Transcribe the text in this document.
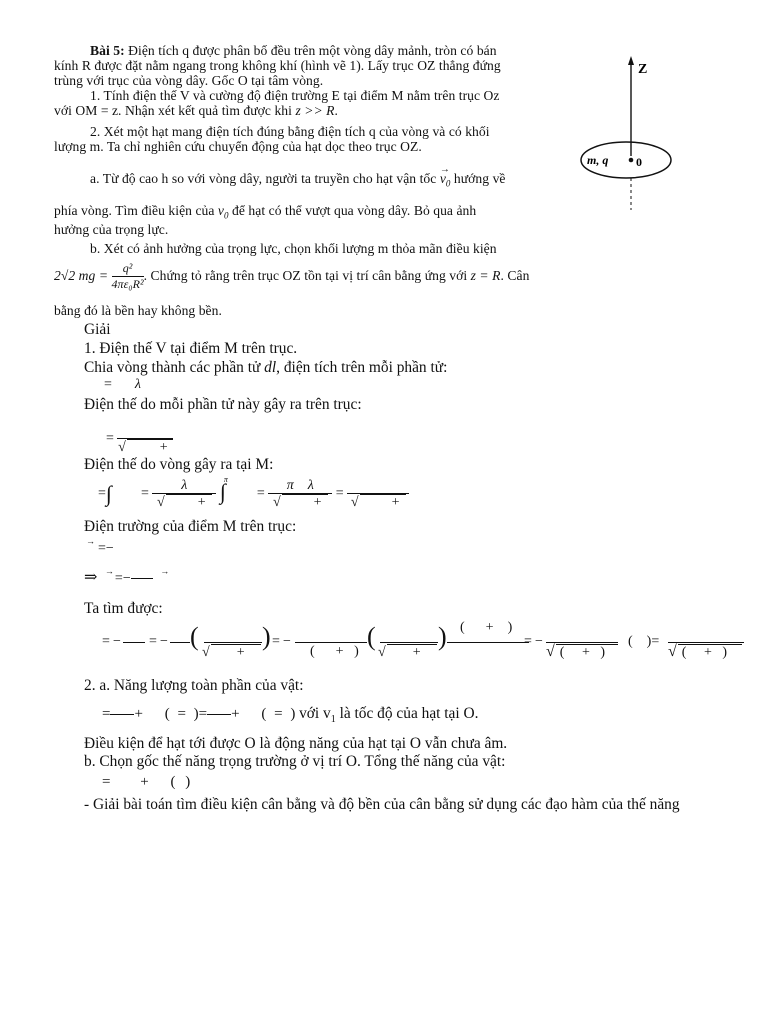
Bài 5: Điện tích q được phân bố đều trên một vòng dây mảnh, tròn có bán

kính R được đặt nằm ngang trong không khí (hình vẽ 1). Lấy trục OZ thẳng đứng

trùng với trục của vòng dây. Gốc O tại tâm vòng.

1. Tính điện thế V và cường độ điện trường E tại điểm M nằm trên trục Oz

với OM = z. Nhận xét kết quả tìm được khi z >> R.

2. Xét một hạt mang điện tích đúng bằng điện tích q của vòng và có khối

lượng m. Ta chỉ nghiên cứu chuyển động của hạt dọc theo trục OZ.

a. Từ độ cao h so với vòng dây, người ta truyền cho hạt vận tốc
→
$v_0$ hướng về

phía vòng. Tìm điều kiện của $v_0$ để hạt có thể vượt qua vòng dây. Bỏ qua ảnh

hưởng của trọng lực.

b. Xét có ảnh hưởng của trọng lực, chọn khối lượng m thỏa mãn điều kiện

2√2 mg = $\frac{\text{q²}}{\text{4πε₀R²}}$ . Chứng tỏ rằng trên trục OZ tồn tại vị trí cân bằng ứng với z = R. Cân

bằng đó là bền hay không bền.

Z
m, q 0

Giải

1. Điện thế V tại điểm M trên trục.

Chia vòng thành các phần tử dl, điện tích trên mỗi phần tử:

= λ

Điện thế do mỗi phần tử này gây ra trên trục:

=

√ +

Điện thế do vòng gây ra tại M:

=∫ = $\frac{\lambda}{√ +}$
π
∫ = $\frac{\text{π λ}}{√ +}$ =

√ +

Điện trường của điểm M trên trục:

→ =−
⇒ → =−	→

Ta tìm được:

= − = − (
√ +
) = −
( + )
(
√ +
) ( + )
= −
√ ( + )
( )=
√ ( + )

2. a. Năng lượng toàn phần của vật:

= + ( = )= + ( = ) với $v_1$ là tốc độ của hạt tại O.

Điều kiện để hạt tới được O là động năng của hạt tại O vẫn chưa âm.

b. Chọn gốc thế năng trọng trường ở vị trí O. Tổng thế năng của vật:

= + ( )

- Giải bài toán tìm điều kiện cân bằng và độ bền của cân bằng sử dụng các đạo hàm của thế năng
